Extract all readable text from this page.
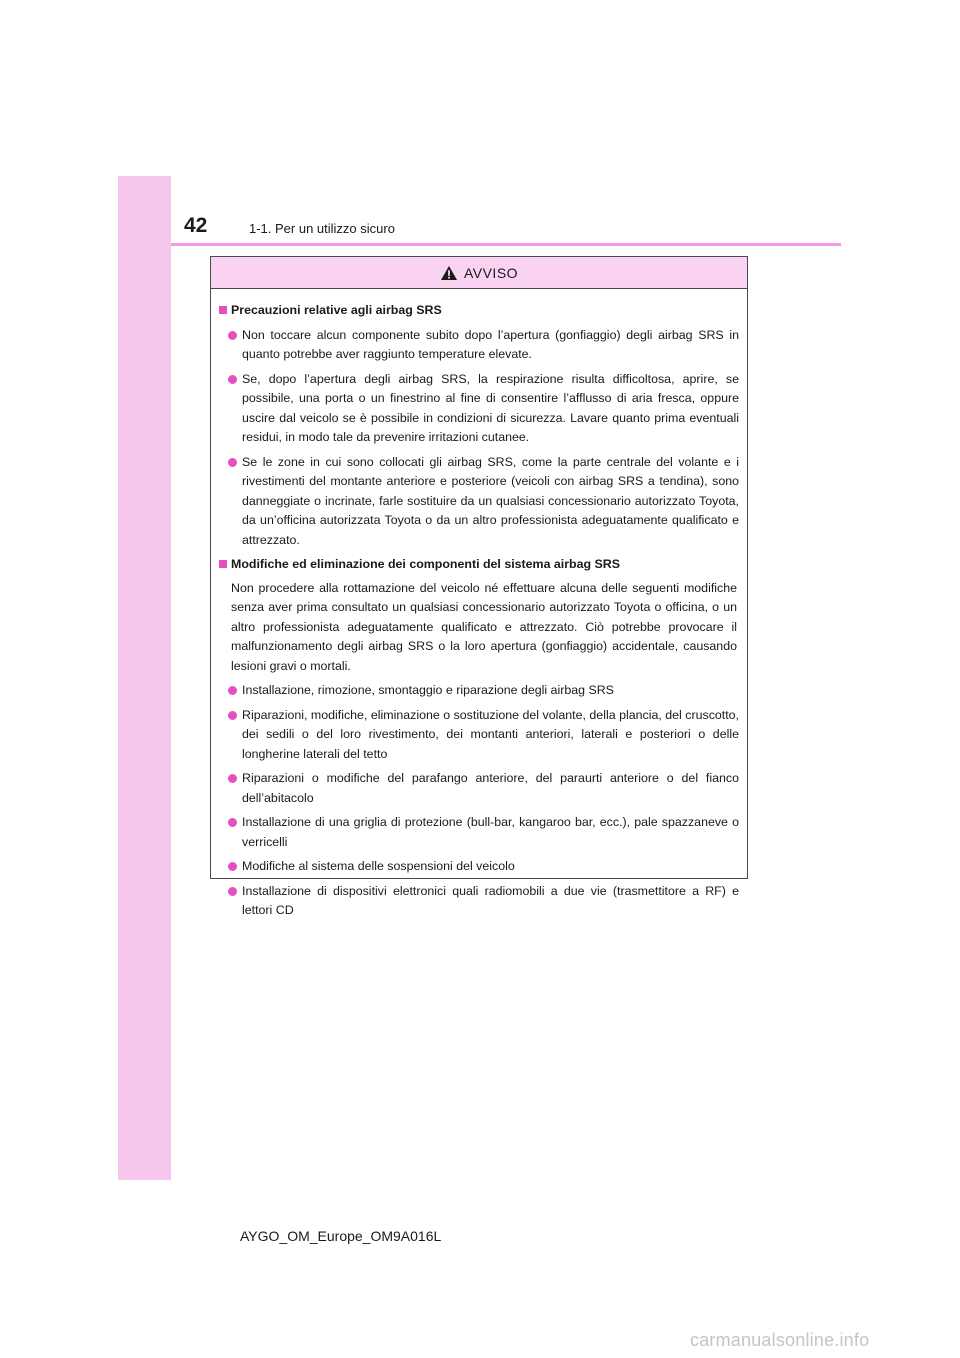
42	1-1. Per un utilizzo sicuro
AVVISO
Precauzioni relative agli airbag SRS
Non toccare alcun componente subito dopo l’apertura (gonfiaggio) degli airbag SRS in quanto potrebbe aver raggiunto temperature elevate.
Se, dopo l’apertura degli airbag SRS, la respirazione risulta difficoltosa, aprire, se possibile, una porta o un finestrino al fine di consentire l’afflusso di aria fresca, oppure uscire dal veicolo se è possibile in condizioni di sicurezza. Lavare quanto prima eventuali residui, in modo tale da prevenire irritazioni cutanee.
Se le zone in cui sono collocati gli airbag SRS, come la parte centrale del volante e i rivestimenti del montante anteriore e posteriore (veicoli con airbag SRS a tendina), sono danneggiate o incrinate, farle sostituire da un qualsiasi concessionario autorizzato Toyota, da un’officina autorizzata Toyota o da un altro professionista adeguatamente qualificato e attrezzato.
Modifiche ed eliminazione dei componenti del sistema airbag SRS
Non procedere alla rottamazione del veicolo né effettuare alcuna delle seguenti modifiche senza aver prima consultato un qualsiasi concessionario autorizzato Toyota o officina, o un altro professionista adeguatamente qualificato e attrezzato. Ciò potrebbe provocare il malfunzionamento degli airbag SRS o la loro apertura (gonfiaggio) accidentale, causando lesioni gravi o mortali.
Installazione, rimozione, smontaggio e riparazione degli airbag SRS
Riparazioni, modifiche, eliminazione o sostituzione del volante, della plancia, del cruscotto, dei sedili o del loro rivestimento, dei montanti anteriori, laterali e posteriori o delle longherine laterali del tetto
Riparazioni o modifiche del parafango anteriore, del paraurti anteriore o del fianco dell’abitacolo
Installazione di una griglia di protezione (bull-bar, kangaroo bar, ecc.), pale spazzaneve o verricelli
Modifiche al sistema delle sospensioni del veicolo
Installazione di dispositivi elettronici quali radiomobili a due vie (trasmettitore a RF) e lettori CD
AYGO_OM_Europe_OM9A016L
carmanualsonline.info
